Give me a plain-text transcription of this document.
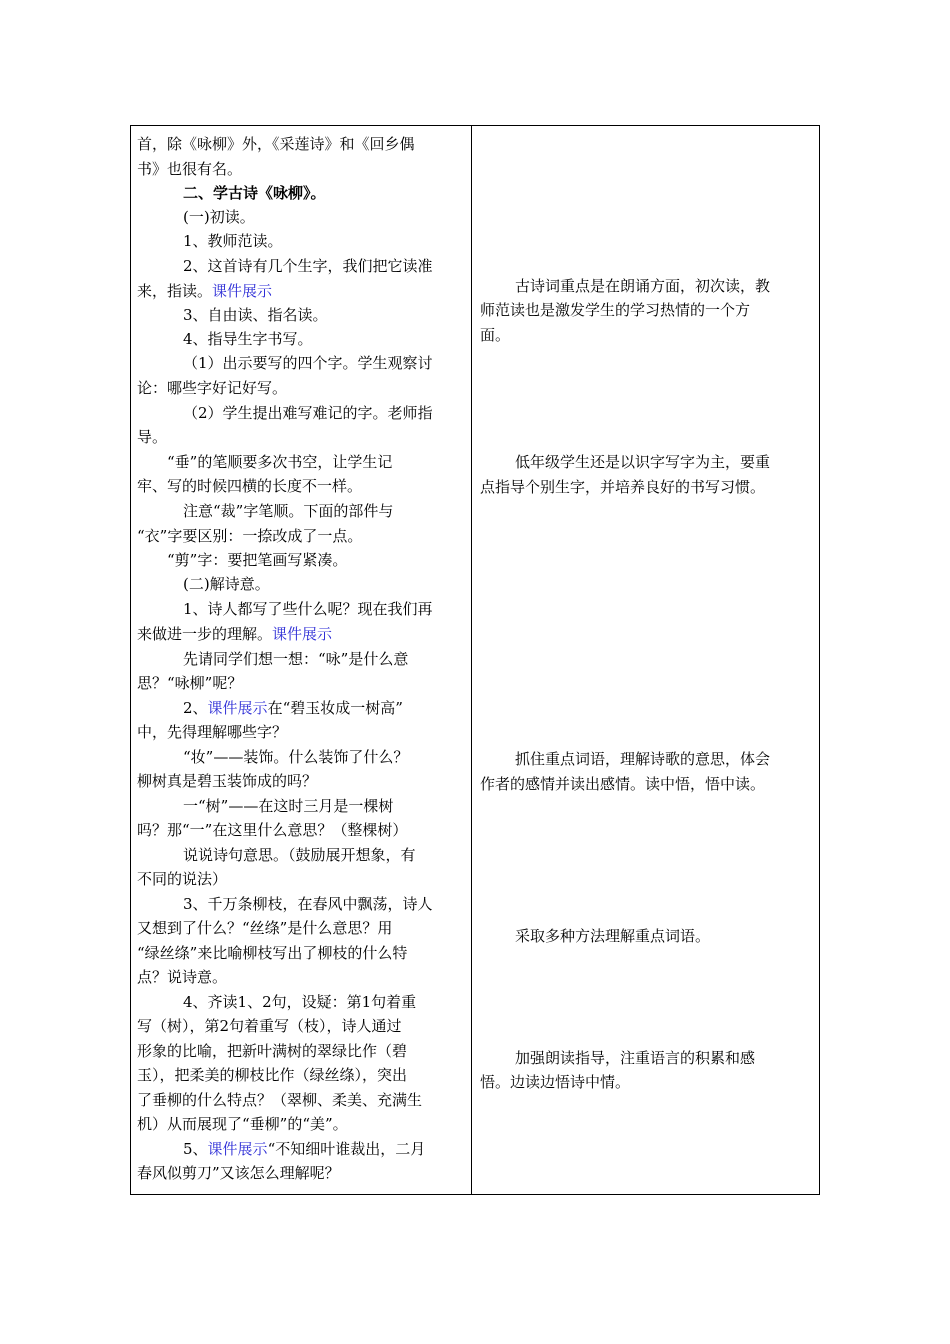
首，除《咏柳》外，《采莲诗》和《回乡偶
书》也很有名。
二、学古诗《咏柳》。
(一)初读。
1、教师范读。
2、这首诗有几个生字，我们把它读准
来，指读。课件展示
3、自由读、指名读。
4、指导生字书写。
（1）出示要写的四个字。学生观察讨
论：哪些字好记好写。
（2）学生提出难写难记的字。老师指
导。
“垂”的笔顺要多次书空，让学生记
牢、写的时候四横的长度不一样。
注意“裁”字笔顺。下面的部件与
“衣”字要区别：一捺改成了一点。
“剪”字：要把笔画写紧凑。
(二)解诗意。
1、诗人都写了些什么呢？现在我们再
来做进一步的理解。课件展示
先请同学们想一想：“咏”是什么意
思？“咏柳”呢？
2、课件展示在“碧玉妆成一树高”
中，先得理解哪些字？
“妆”——装饰。什么装饰了什么？
柳树真是碧玉装饰成的吗？
一“树”——在这时三月是一棵树
吗？那“一”在这里什么意思？（整棵树）
说说诗句意思。（鼓励展开想象，有
不同的说法）
3、千万条柳枝，在春风中飘荡，诗人
又想到了什么？“丝绦”是什么意思？用
“绿丝绦”来比喻柳枝写出了柳枝的什么特
点？说诗意。
4、齐读1、2句，设疑：第1句着重
写（树），第2句着重写（枝），诗人通过
形象的比喻，把新叶满树的翠绿比作（碧
玉），把柔美的柳枝比作（绿丝绦），突出
了垂柳的什么特点？（翠柳、柔美、充满生
机）从而展现了“垂柳”的“美”。
5、课件展示“不知细叶谁裁出，二月
春风似剪刀”又该怎么理解呢？
古诗词重点是在朗诵方面，初次读，教
师范读也是激发学生的学习热情的一个方
面。
低年级学生还是以识字写字为主，要重
点指导个别生字，并培养良好的书写习惯。
抓住重点词语，理解诗歌的意思，体会
作者的感情并读出感情。读中悟，悟中读。
采取多种方法理解重点词语。
加强朗读指导，注重语言的积累和感
悟。边读边悟诗中情。
